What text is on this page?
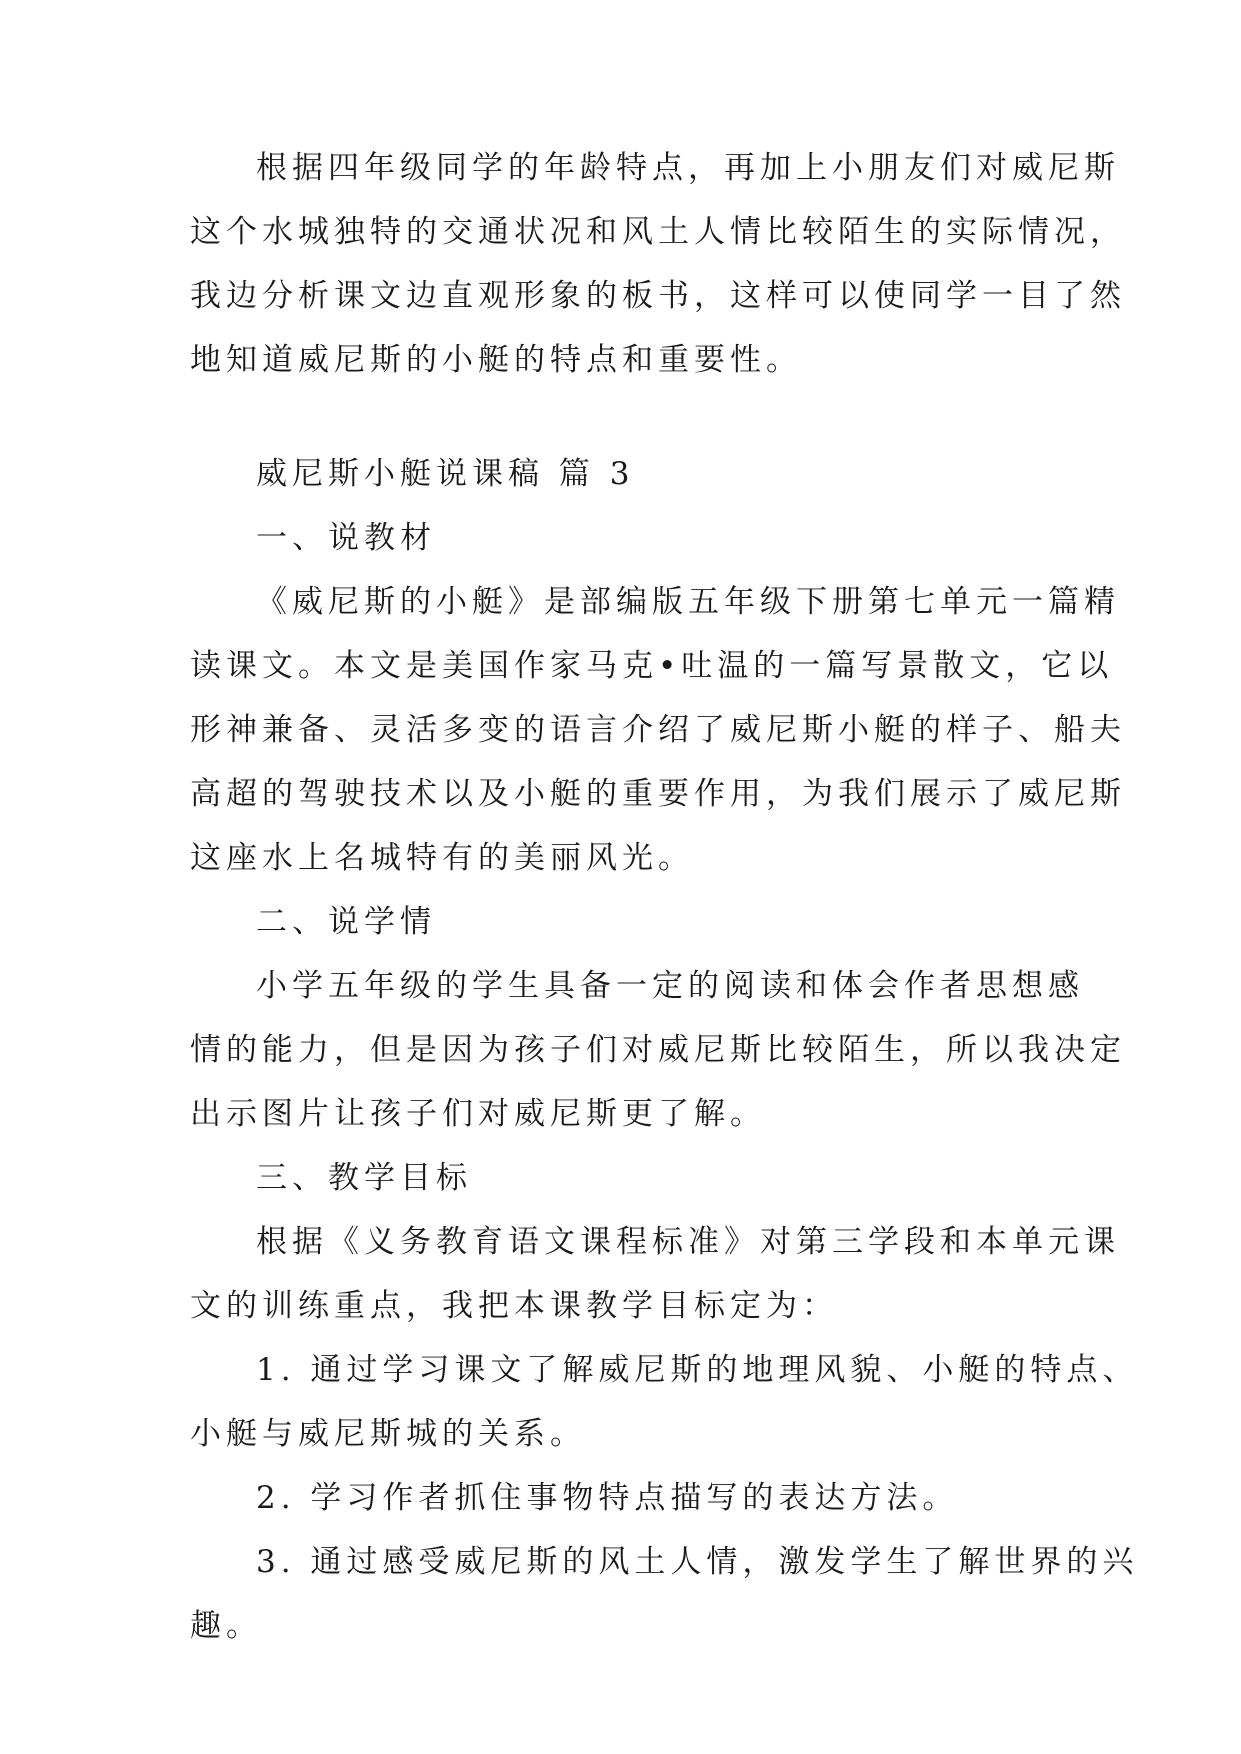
根据四年级同学的年龄特点，再加上小朋友们对威尼斯
这个水城独特的交通状况和风土人情比较陌生的实际情况，
我边分析课文边直观形象的板书，这样可以使同学一目了然
地知道威尼斯的小艇的特点和重要性。
威尼斯小艇说课稿 篇 3
一、说教材
《威尼斯的小艇》是部编版五年级下册第七单元一篇精
读课文。本文是美国作家马克•吐温的一篇写景散文，它以
形神兼备、灵活多变的语言介绍了威尼斯小艇的样子、船夫
高超的驾驶技术以及小艇的重要作用，为我们展示了威尼斯
这座水上名城特有的美丽风光。
二、说学情
小学五年级的学生具备一定的阅读和体会作者思想感
情的能力，但是因为孩子们对威尼斯比较陌生，所以我决定
出示图片让孩子们对威尼斯更了解。
三、教学目标
根据《义务教育语文课程标准》对第三学段和本单元课
文的训练重点，我把本课教学目标定为：
1. 通过学习课文了解威尼斯的地理风貌、小艇的特点、
小艇与威尼斯城的关系。
2. 学习作者抓住事物特点描写的表达方法。
3. 通过感受威尼斯的风土人情，激发学生了解世界的兴
趣。
